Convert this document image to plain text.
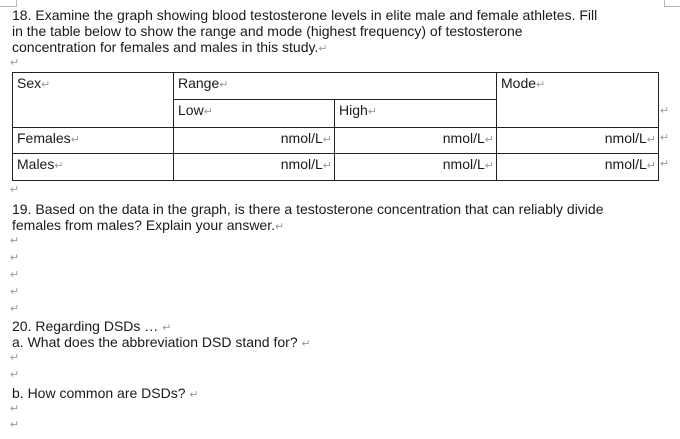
18. Examine the graph showing blood testosterone levels in elite male and female athletes. Fill
in the table below to show the range and mode (highest frequency) of testosterone
concentration for females and males in this study.↵
↵
Sex↵	Range↵		Mode↵
	Low↵	High↵	
Females↵	nmol/L↵	nmol/L↵	nmol/L↵
Males↵	nmol/L↵	nmol/L↵	nmol/L↵
↵
↵
↵
↵
19. Based on the data in the graph, is there a testosterone concentration that can reliably divide
females from males? Explain your answer.↵
↵
↵
↵
↵
↵
20. Regarding DSDs … ↵
a. What does the abbreviation DSD stand for? ↵
↵
↵
b. How common are DSDs? ↵
↵
↵
